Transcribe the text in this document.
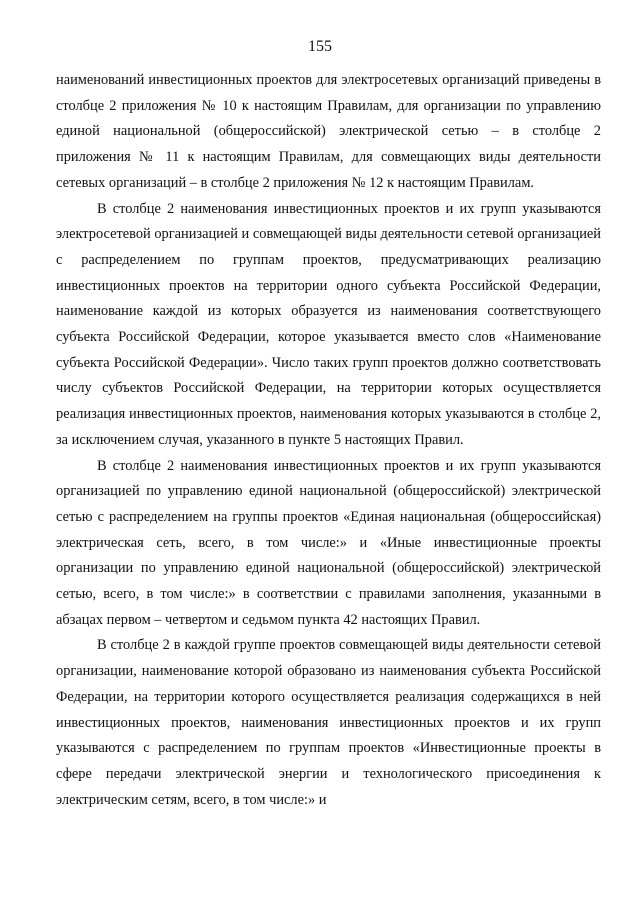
155

наименований инвестиционных проектов для электросетевых организаций приведены в столбце 2 приложения № 10 к настоящим Правилам, для организации по управлению единой национальной (общероссийской) электрической сетью – в столбце 2 приложения № 11 к настоящим Правилам, для совмещающих виды деятельности сетевых организаций – в столбце 2 приложения № 12 к настоящим Правилам.

В столбце 2 наименования инвестиционных проектов и их групп указываются электросетевой организацией и совмещающей виды деятельности сетевой организацией с распределением по группам проектов, предусматривающих реализацию инвестиционных проектов на территории одного субъекта Российской Федерации, наименование каждой из которых образуется из наименования соответствующего субъекта Российской Федерации, которое указывается вместо слов «Наименование субъекта Российской Федерации». Число таких групп проектов должно соответствовать числу субъектов Российской Федерации, на территории которых осуществляется реализация инвестиционных проектов, наименования которых указываются в столбце 2, за исключением случая, указанного в пункте 5 настоящих Правил.

В столбце 2 наименования инвестиционных проектов и их групп указываются организацией по управлению единой национальной (общероссийской) электрической сетью с распределением на группы проектов «Единая национальная (общероссийская) электрическая сеть, всего, в том числе:» и «Иные инвестиционные проекты организации по управлению единой национальной (общероссийской) электрической сетью, всего, в том числе:» в соответствии с правилами заполнения, указанными в абзацах первом – четвертом и седьмом пункта 42 настоящих Правил.

В столбце 2 в каждой группе проектов совмещающей виды деятельности сетевой организации, наименование которой образовано из наименования субъекта Российской Федерации, на территории которого осуществляется реализация содержащихся в ней инвестиционных проектов, наименования инвестиционных проектов и их групп указываются с распределением по группам проектов «Инвестиционные проекты в сфере передачи электрической энергии и технологического присоединения к электрическим сетям, всего, в том числе:» и
